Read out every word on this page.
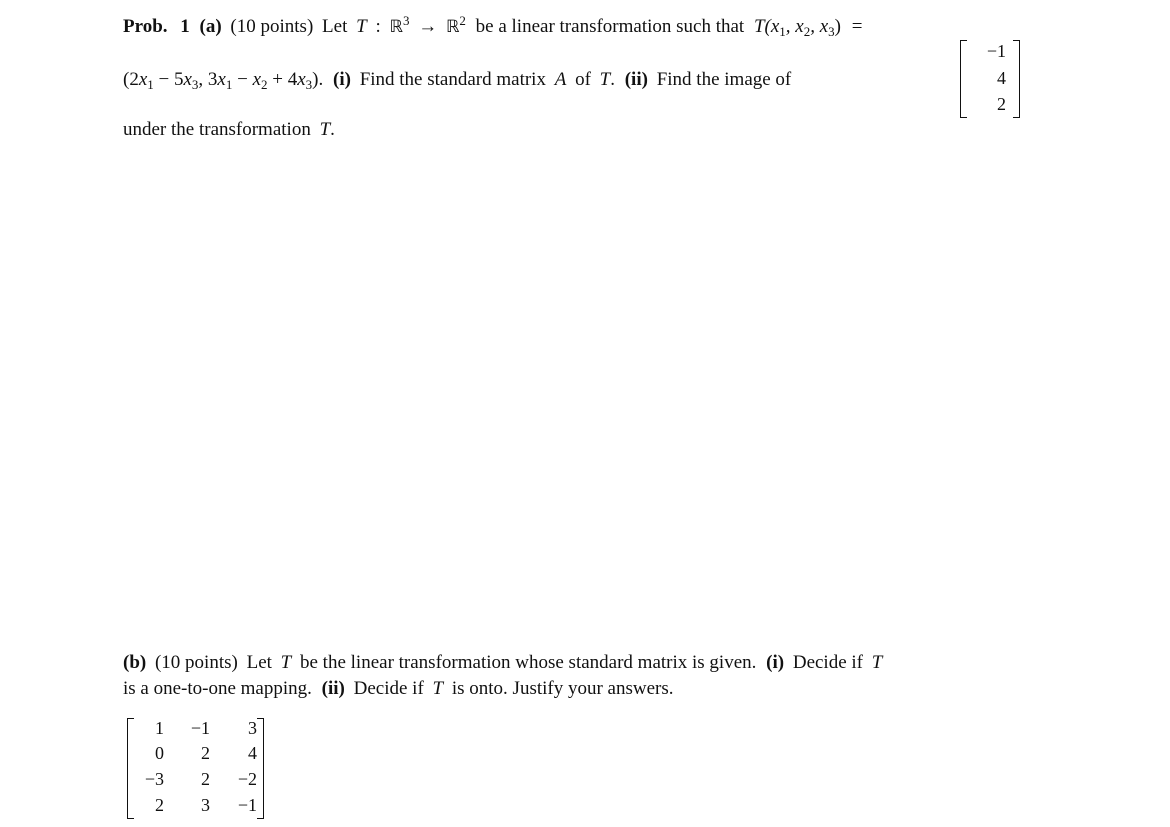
Prob. 1 (a) (10 points) Let T : ℝ$^3$ → ℝ$^2$ be a linear transformation such that $T(x_1$, $x_2$, $x_3$) =
($2x_1 - 5x_3$, $3x_1 - x_2 + 4x_3$). (i) Find the standard matrix A of T. (ii) Find the image of
−1
4
2
under the transformation T.
(b) (10 points) Let T be the linear transformation whose standard matrix is given. (i) Decide if T
is a one-to-one mapping. (ii) Decide if T is onto. Justify your answers.
1 −1 3
0 2 4
−3 2 −2
2 3 −1
